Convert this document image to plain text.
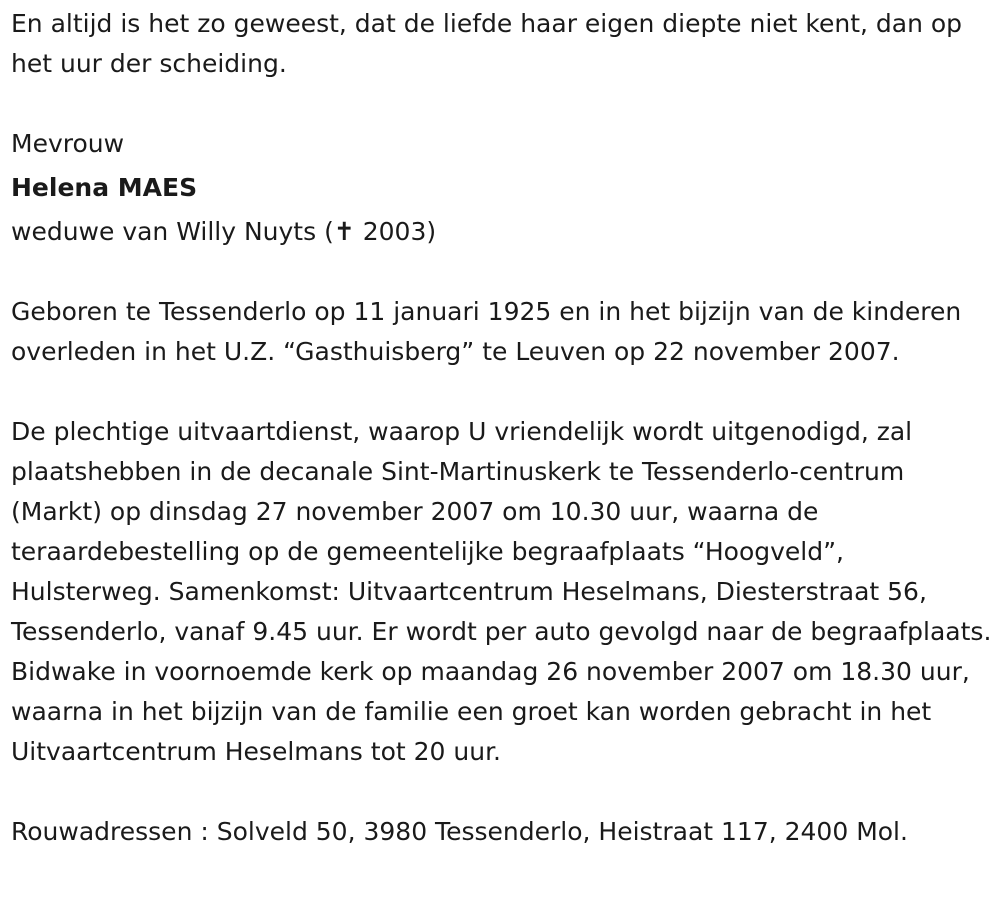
En altijd is het zo geweest, dat de liefde haar eigen diepte niet kent, dan op het uur der scheiding.

Mevrouw

Helena MAES

weduwe van Willy Nuyts (✝ 2003)

Geboren te Tessenderlo op 11 januari 1925 en in het bijzijn van de kinderen overleden in het U.Z. “Gasthuisberg” te Leuven op 22 november 2007.

De plechtige uitvaartdienst, waarop U vriendelijk wordt uitgenodigd, zal plaatshebben in de decanale Sint-Martinuskerk te Tessenderlo-centrum (Markt) op dinsdag 27 november 2007 om 10.30 uur, waarna de teraardebestelling op de gemeentelijke begraafplaats “Hoogveld”, Hulsterweg. Samenkomst: Uitvaartcentrum Heselmans, Diesterstraat 56, Tessenderlo, vanaf 9.45 uur. Er wordt per auto gevolgd naar de begraafplaats. Bidwake in voornoemde kerk op maandag 26 november 2007 om 18.30 uur, waarna in het bijzijn van de familie een groet kan worden gebracht in het Uitvaartcentrum Heselmans tot 20 uur.

Rouwadressen : Solveld 50, 3980 Tessenderlo, Heistraat 117, 2400 Mol.
